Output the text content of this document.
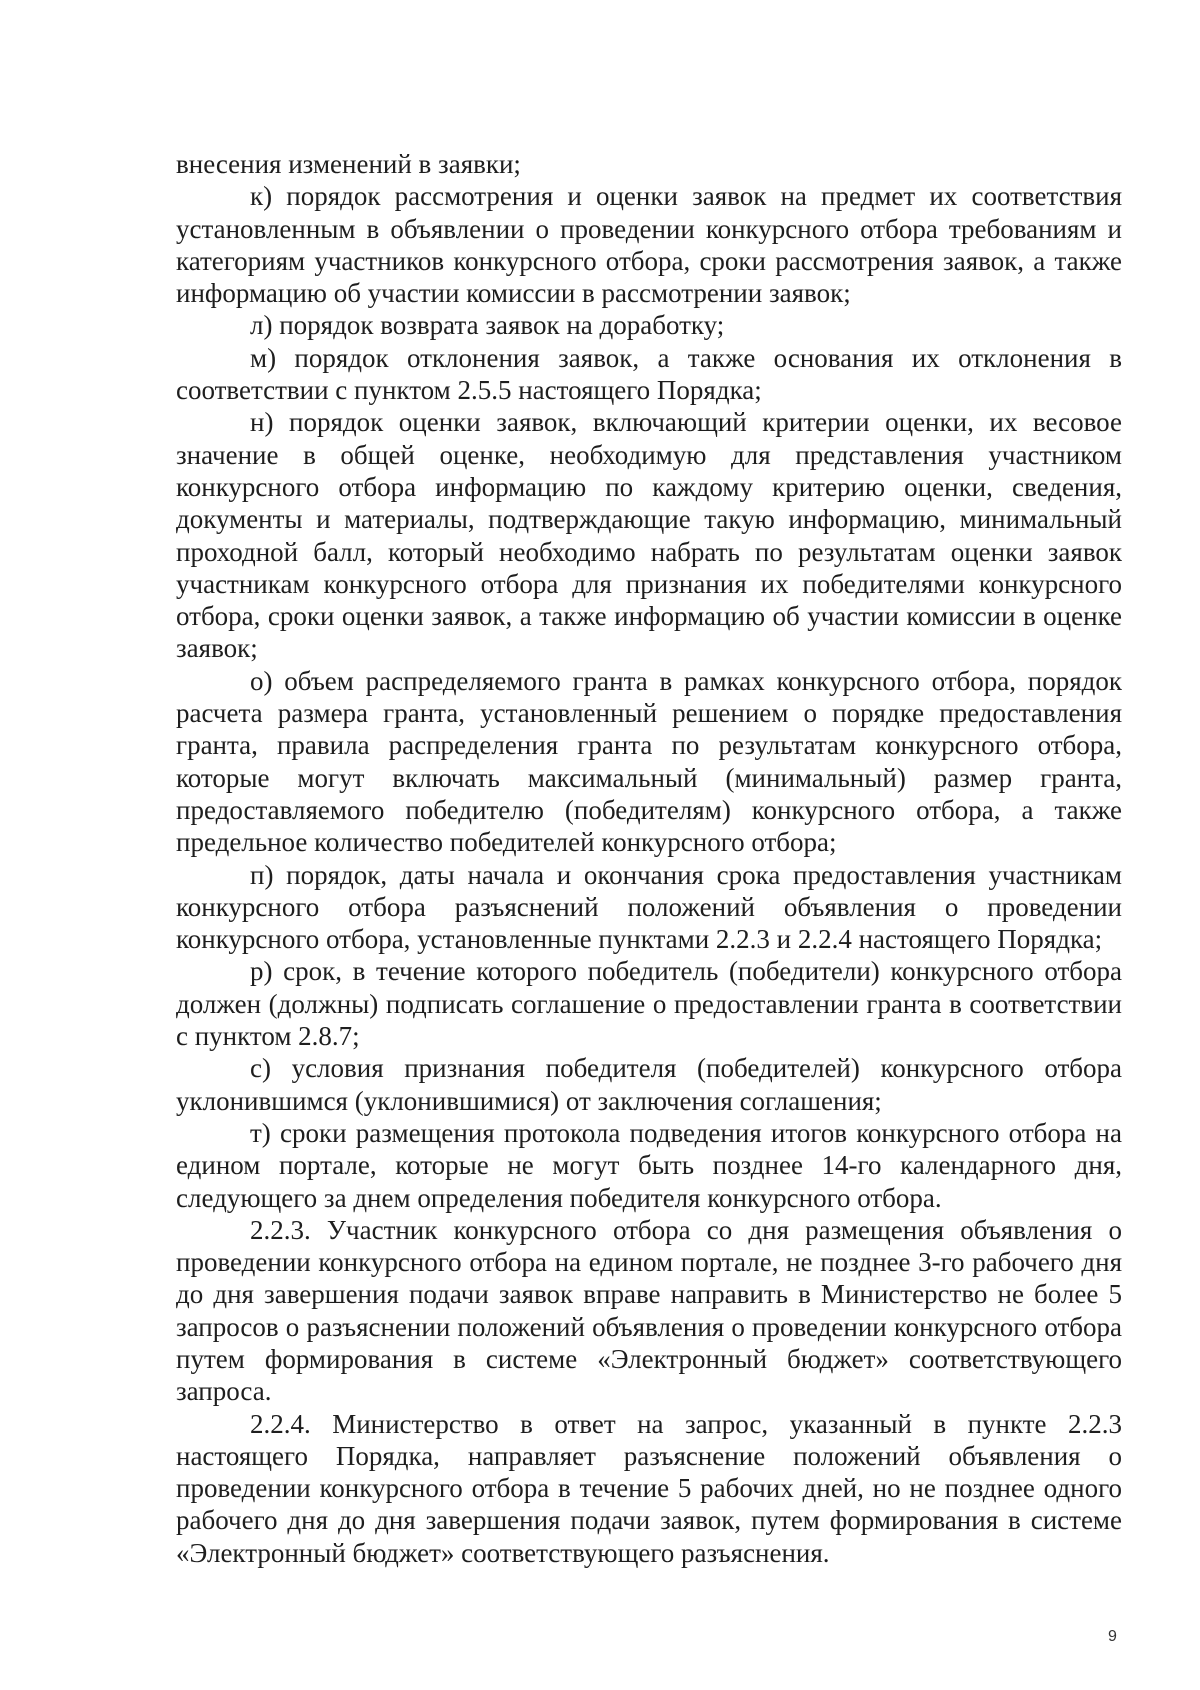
внесения изменений в заявки;

к) порядок рассмотрения и оценки заявок на предмет их соответствия установленным в объявлении о проведении конкурсного отбора требованиям и категориям участников конкурсного отбора, сроки рассмотрения заявок, а также информацию об участии комиссии в рассмотрении заявок;

л) порядок возврата заявок на доработку;

м) порядок отклонения заявок, а также основания их отклонения в соответствии с пунктом 2.5.5 настоящего Порядка;

н) порядок оценки заявок, включающий критерии оценки, их весовое значение в общей оценке, необходимую для представления участником конкурсного отбора информацию по каждому критерию оценки, сведения, документы и материалы, подтверждающие такую информацию, минимальный проходной балл, который необходимо набрать по результатам оценки заявок участникам конкурсного отбора для признания их победителями конкурсного отбора, сроки оценки заявок, а также информацию об участии комиссии в оценке заявок;

о) объем распределяемого гранта в рамках конкурсного отбора, порядок расчета размера гранта, установленный решением о порядке предоставления гранта, правила распределения гранта по результатам конкурсного отбора, которые могут включать максимальный (минимальный) размер гранта, предоставляемого победителю (победителям) конкурсного отбора, а также предельное количество победителей конкурсного отбора;

п) порядок, даты начала и окончания срока предоставления участникам конкурсного отбора разъяснений положений объявления о проведении конкурсного отбора, установленные пунктами 2.2.3 и 2.2.4 настоящего Порядка;

р) срок, в течение которого победитель (победители) конкурсного отбора должен (должны) подписать соглашение о предоставлении гранта в соответствии с пунктом 2.8.7;

с) условия признания победителя (победителей) конкурсного отбора уклонившимся (уклонившимися) от заключения соглашения;

т) сроки размещения протокола подведения итогов конкурсного отбора на едином портале, которые не могут быть позднее 14-го календарного дня, следующего за днем определения победителя конкурсного отбора.

2.2.3. Участник конкурсного отбора со дня размещения объявления о проведении конкурсного отбора на едином портале, не позднее 3-го рабочего дня до дня завершения подачи заявок вправе направить в Министерство не более 5 запросов о разъяснении положений объявления о проведении конкурсного отбора путем формирования в системе «Электронный бюджет» соответствующего запроса.

2.2.4. Министерство в ответ на запрос, указанный в пункте 2.2.3 настоящего Порядка, направляет разъяснение положений объявления о проведении конкурсного отбора в течение 5 рабочих дней, но не позднее одного рабочего дня до дня завершения подачи заявок, путем формирования в системе «Электронный бюджет» соответствующего разъяснения.

9
